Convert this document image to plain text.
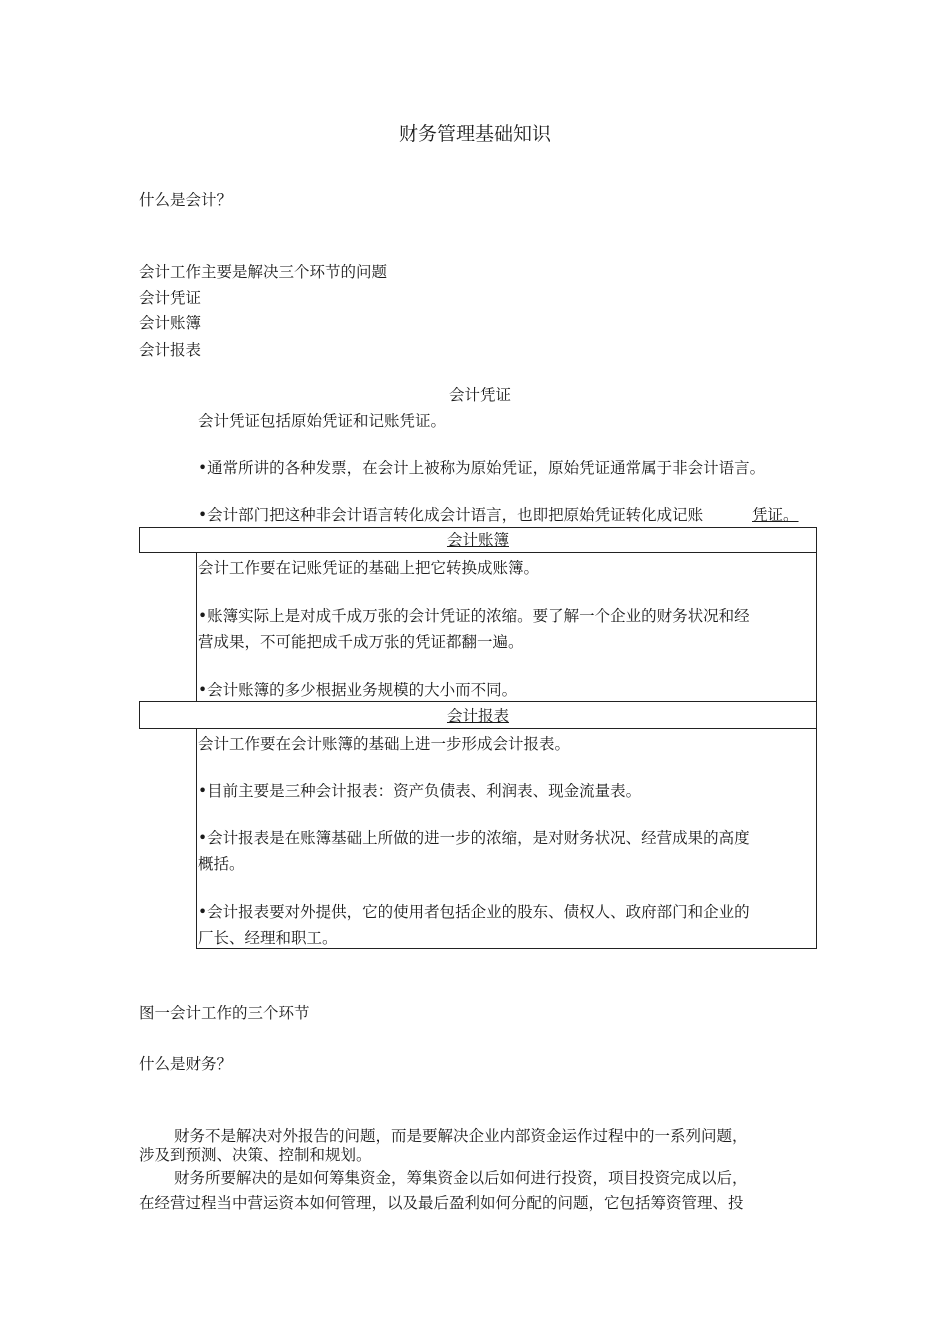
财务管理基础知识
什么是会计？
会计工作主要是解决三个环节的问题
会计凭证
会计账簿
会计报表
会计凭证
会计凭证包括原始凭证和记账凭证。
•通常所讲的各种发票，在会计上被称为原始凭证，原始凭证通常属于非会计语言。
•会计部门把这种非会计语言转化成会计语言，也即把原始凭证转化成记账	凭证。
会计账簿
会计工作要在记账凭证的基础上把它转换成账簿。
•账簿实际上是对成千成万张的会计凭证的浓缩。要了解一个企业的财务状况和经
营成果，不可能把成千成万张的凭证都翻一遍。
•会计账簿的多少根据业务规模的大小而不同。
会计报表
会计工作要在会计账簿的基础上进一步形成会计报表。
•目前主要是三种会计报表：资产负债表、利润表、现金流量表。
•会计报表是在账簿基础上所做的进一步的浓缩，是对财务状况、经营成果的高度
概括。
•会计报表要对外提供，它的使用者包括企业的股东、债权人、政府部门和企业的
厂长、经理和职工。
图一会计工作的三个环节
什么是财务？
财务不是解决对外报告的问题，而是要解决企业内部资金运作过程中的一系列问题，
涉及到预测、决策、控制和规划。
财务所要解决的是如何筹集资金，筹集资金以后如何进行投资，项目投资完成以后，
在经营过程当中营运资本如何管理，以及最后盈利如何分配的问题，它包括筹资管理、投
